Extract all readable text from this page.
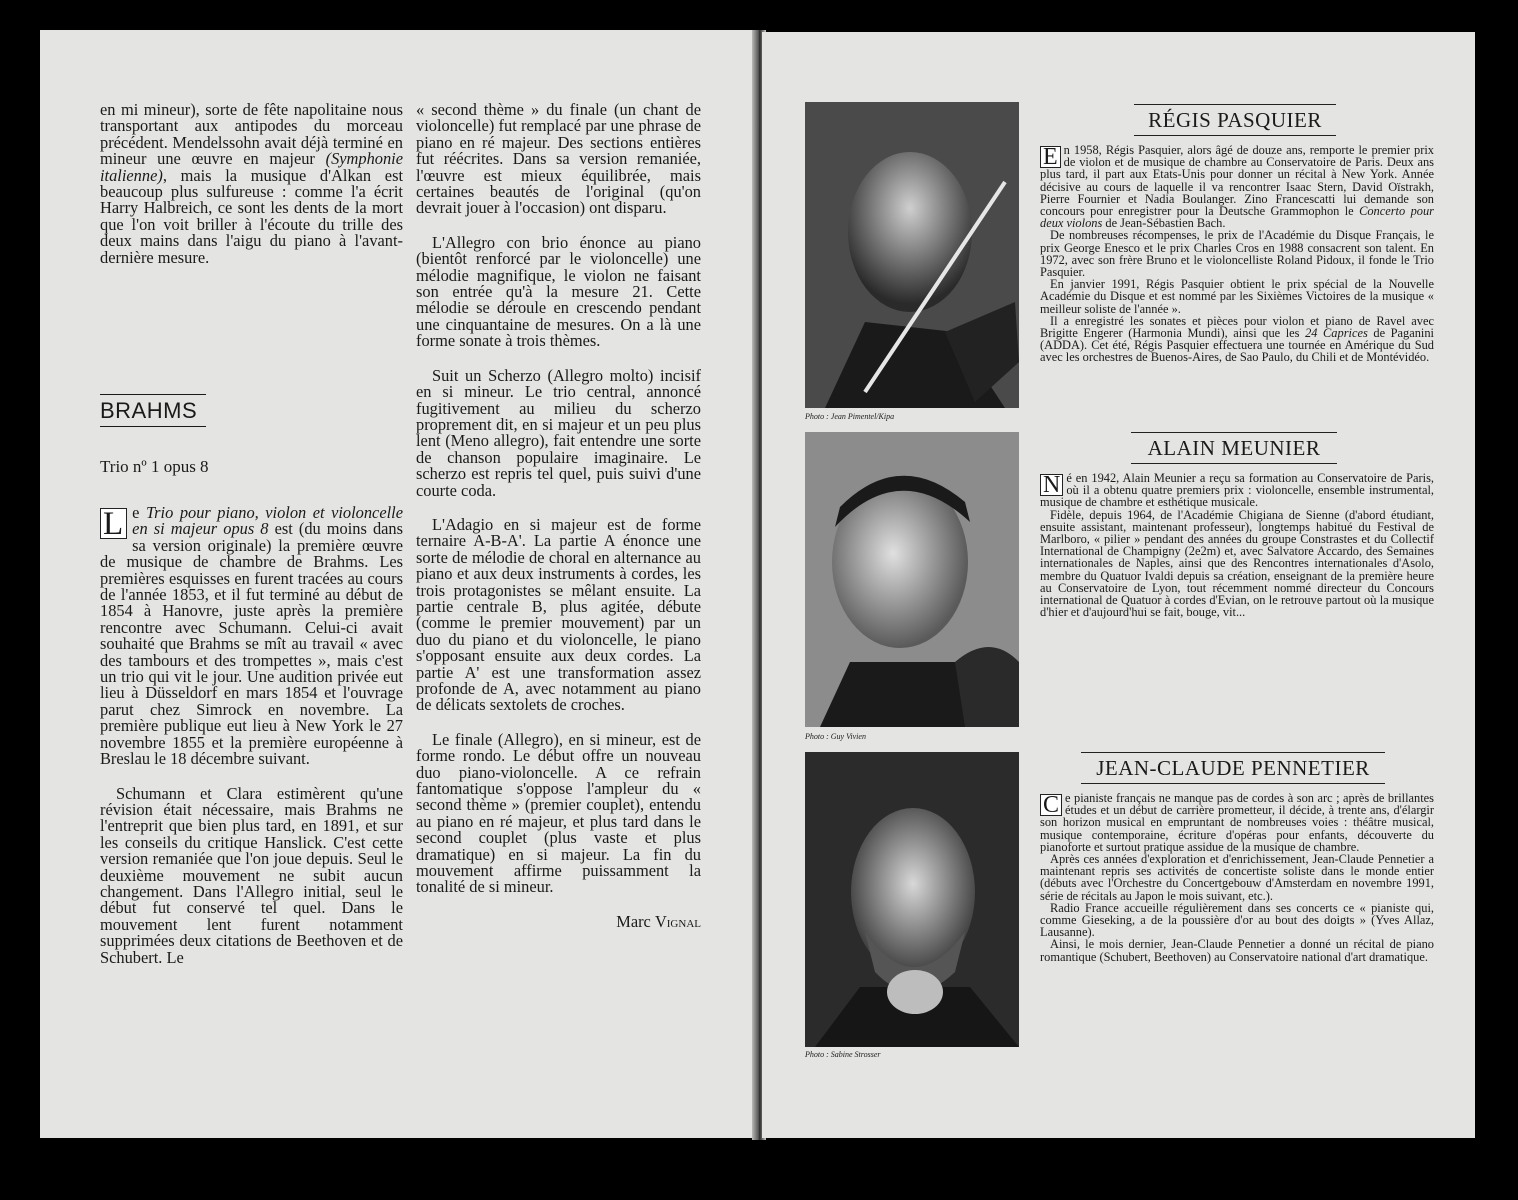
en mi mineur), sorte de fête napolitaine nous transportant aux antipodes du morceau précédent. Mendelssohn avait déjà terminé en mineur une œuvre en majeur (Symphonie italienne), mais la musique d'Alkan est beaucoup plus sulfureuse : comme l'a écrit Harry Halbreich, ce sont les dents de la mort que l'on voit briller à l'écoute du trille des deux mains dans l'aigu du piano à l'avant-dernière mesure.

BRAHMS
Trio nº 1 opus 8

L e Trio pour piano, violon et violoncelle en si majeur opus 8 est (du moins dans sa version originale) la première œuvre de musique de chambre de Brahms. Les premières esquisses en furent tracées au cours de l'année 1853, et il fut terminé au début de 1854 à Hanovre, juste après la première rencontre avec Schumann. Celui-ci avait souhaité que Brahms se mît au travail « avec des tambours et des trompettes », mais c'est un trio qui vit le jour. Une audition privée eut lieu à Düsseldorf en mars 1854 et l'ouvrage parut chez Simrock en novembre. La première publique eut lieu à New York le 27 novembre 1855 et la première européenne à Breslau le 18 décembre suivant.

Schumann et Clara estimèrent qu'une révision était nécessaire, mais Brahms ne l'entreprit que bien plus tard, en 1891, et sur les conseils du critique Hanslick. C'est cette version remaniée que l'on joue depuis. Seul le deuxième mouvement ne subit aucun changement. Dans l'Allegro initial, seul le début fut conservé tel quel. Dans le mouvement lent furent notamment supprimées deux citations de Beethoven et de Schubert. Le

« second thème » du finale (un chant de violoncelle) fut remplacé par une phrase de piano en ré majeur. Des sections entières fut réécrites. Dans sa version remaniée, l'œuvre est mieux équilibrée, mais certaines beautés de l'original (qu'on devrait jouer à l'occasion) ont disparu.

L'Allegro con brio énonce au piano (bientôt renforcé par le violoncelle) une mélodie magnifique, le violon ne faisant son entrée qu'à la mesure 21. Cette mélodie se déroule en crescendo pendant une cinquantaine de mesures. On a là une forme sonate à trois thèmes.

Suit un Scherzo (Allegro molto) incisif en si mineur. Le trio central, annoncé fugitivement au milieu du scherzo proprement dit, en si majeur et un peu plus lent (Meno allegro), fait entendre une sorte de chanson populaire imaginaire. Le scherzo est repris tel quel, puis suivi d'une courte coda.

L'Adagio en si majeur est de forme ternaire A-B-A'. La partie A énonce une sorte de mélodie de choral en alternance au piano et aux deux instruments à cordes, les trois protagonistes se mêlant ensuite. La partie centrale B, plus agitée, débute (comme le premier mouvement) par un duo du piano et du violoncelle, le piano s'opposant ensuite aux deux cordes. La partie A' est une transformation assez profonde de A, avec notamment au piano de délicats sextolets de croches.

Le finale (Allegro), en si mineur, est de forme rondo. Le début offre un nouveau duo piano-violoncelle. A ce refrain fantomatique s'oppose l'ampleur du « second thème » (premier couplet), entendu au piano en ré majeur, et plus tard dans le second couplet (plus vaste et plus dramatique) en si majeur. La fin du mouvement affirme puissamment la tonalité de si mineur.

Marc Vignal

Photo : Jean Pimentel/Kipa
RÉGIS PASQUIER

E n 1958, Régis Pasquier, alors âgé de douze ans, remporte le premier prix de violon et de musique de chambre au Conservatoire de Paris. Deux ans plus tard, il part aux Etats-Unis pour donner un récital à New York. Année décisive au cours de laquelle il va rencontrer Isaac Stern, David Oïstrakh, Pierre Fournier et Nadia Boulanger. Zino Francescatti lui demande son concours pour enregistrer pour la Deutsche Grammophon le Concerto pour deux violons de Jean-Sébastien Bach.

De nombreuses récompenses, le prix de l'Académie du Disque Français, le prix George Enesco et le prix Charles Cros en 1988 consacrent son talent. En 1972, avec son frère Bruno et le violoncelliste Roland Pidoux, il fonde le Trio Pasquier.

En janvier 1991, Régis Pasquier obtient le prix spécial de la Nouvelle Académie du Disque et est nommé par les Sixièmes Victoires de la musique « meilleur soliste de l'année ».

Il a enregistré les sonates et pièces pour violon et piano de Ravel avec Brigitte Engerer (Harmonia Mundi), ainsi que les 24 Caprices de Paganini (ADDA). Cet été, Régis Pasquier effectuera une tournée en Amérique du Sud avec les orchestres de Buenos-Aires, de Sao Paulo, du Chili et de Montévidéo.

Photo : Guy Vivien
ALAIN MEUNIER

N é en 1942, Alain Meunier a reçu sa formation au Conservatoire de Paris, où il a obtenu quatre premiers prix : violoncelle, ensemble instrumental, musique de chambre et esthétique musicale.

Fidèle, depuis 1964, de l'Académie Chigiana de Sienne (d'abord étudiant, ensuite assistant, maintenant professeur), longtemps habitué du Festival de Marlboro, « pilier » pendant des années du groupe Constrastes et du Collectif International de Champigny (2e2m) et, avec Salvatore Accardo, des Semaines internationales de Naples, ainsi que des Rencontres internationales d'Asolo, membre du Quatuor Ivaldi depuis sa création, enseignant de la première heure au Conservatoire de Lyon, tout récemment nommé directeur du Concours international de Quatuor à cordes d'Evian, on le retrouve partout où la musique d'hier et d'aujourd'hui se fait, bouge, vit...

Photo : Sabine Strosser
JEAN-CLAUDE PENNETIER

C e pianiste français ne manque pas de cordes à son arc ; après de brillantes études et un début de carrière prometteur, il décide, à trente ans, d'élargir son horizon musical en empruntant de nombreuses voies : théâtre musical, musique contemporaine, écriture d'opéras pour enfants, découverte du pianoforte et surtout pratique assidue de la musique de chambre.

Après ces années d'exploration et d'enrichissement, Jean-Claude Pennetier a maintenant repris ses activités de concertiste soliste dans le monde entier (débuts avec l'Orchestre du Concertgebouw d'Amsterdam en novembre 1991, série de récitals au Japon le mois suivant, etc.).

Radio France accueille régulièrement dans ses concerts ce « pianiste qui, comme Gieseking, a de la poussière d'or au bout des doigts » (Yves Allaz, Lausanne).

Ainsi, le mois dernier, Jean-Claude Pennetier a donné un récital de piano romantique (Schubert, Beethoven) au Conservatoire national d'art dramatique.
